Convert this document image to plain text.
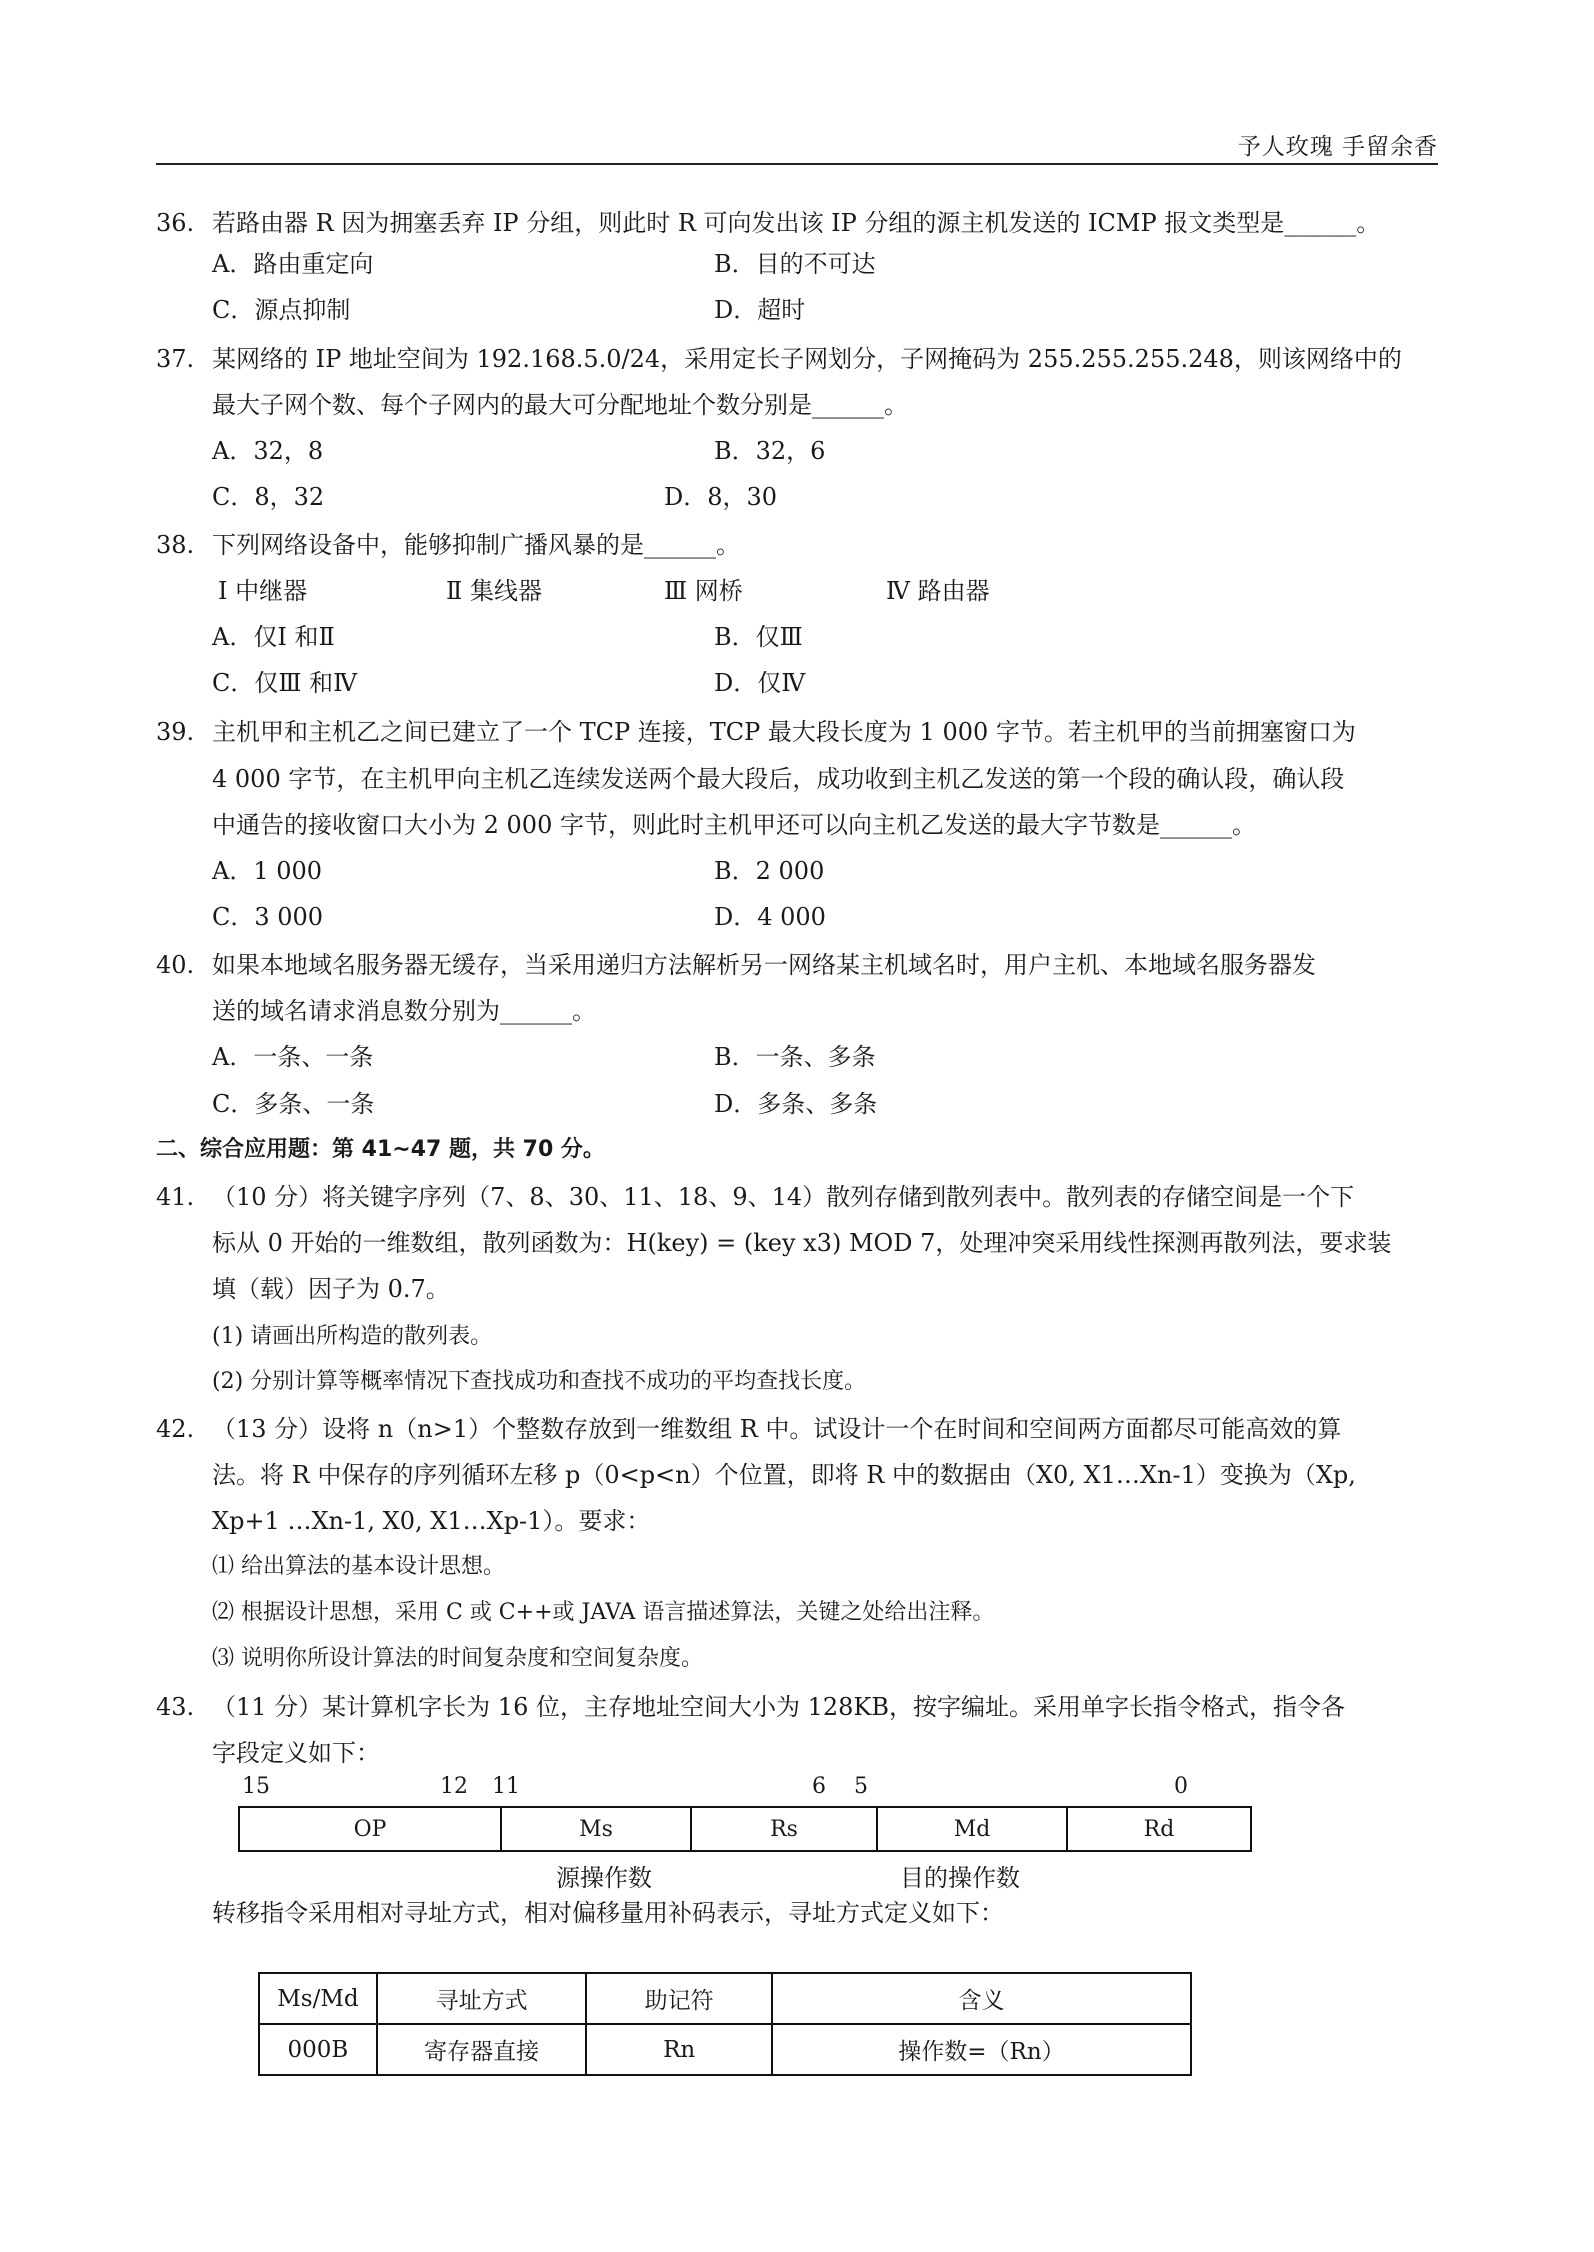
予人玫瑰 手留余香
36. 若路由器 R 因为拥塞丢弃 IP 分组，则此时 R 可向发出该 IP 分组的源主机发送的 ICMP 报文类型是______。
A．路由重定向	B．目的不可达
C．源点抑制	D．超时
37. 某网络的 IP 地址空间为 192.168.5.0/24，采用定长子网划分，子网掩码为 255.255.255.248，则该网络中的
最大子网个数、每个子网内的最大可分配地址个数分别是______。
A．32，8	B．32，6
C．8，32	D．8，30
38. 下列网络设备中，能够抑制广播风暴的是______。
Ⅰ 中继器	Ⅱ 集线器	Ⅲ 网桥	Ⅳ 路由器
A．仅Ⅰ 和Ⅱ	B．仅Ⅲ
C．仅Ⅲ 和Ⅳ	D．仅Ⅳ
39. 主机甲和主机乙之间已建立了一个 TCP 连接，TCP 最大段长度为 1 000 字节。若主机甲的当前拥塞窗口为
4 000 字节，在主机甲向主机乙连续发送两个最大段后，成功收到主机乙发送的第一个段的确认段，确认段
中通告的接收窗口大小为 2 000 字节，则此时主机甲还可以向主机乙发送的最大字节数是______。
A．1 000	B．2 000
C．3 000	D．4 000
40. 如果本地域名服务器无缓存，当采用递归方法解析另一网络某主机域名时，用户主机、本地域名服务器发
送的域名请求消息数分别为______。
A．一条、一条	B．一条、多条
C．多条、一条	D．多条、多条
二、综合应用题：第 41~47 题，共 70 分。
41. （10 分）将关键字序列（7、8、30、11、18、9、14）散列存储到散列表中。散列表的存储空间是一个下
标从 0 开始的一维数组，散列函数为：H(key) = (key x3) MOD 7，处理冲突采用线性探测再散列法，要求装
填（载）因子为 0.7。
(1) 请画出所构造的散列表。
(2) 分别计算等概率情况下查找成功和查找不成功的平均查找长度。
42. （13 分）设将 n（n>1）个整数存放到一维数组 R 中。试设计一个在时间和空间两方面都尽可能高效的算
法。将 R 中保存的序列循环左移 p（0<p<n）个位置，即将 R 中的数据由（X0, X1…Xn-1）变换为（Xp,
Xp+1 …Xn-1, X0, X1…Xp-1）。要求：
⑴ 给出算法的基本设计思想。
⑵ 根据设计思想，采用 C 或 C++或 JAVA 语言描述算法，关键之处给出注释。
⑶ 说明你所设计算法的时间复杂度和空间复杂度。
43. （11 分）某计算机字长为 16 位，主存地址空间大小为 128KB，按字编址。采用单字长指令格式，指令各
字段定义如下：
15	12 11	6 5	0
OP	Ms	Rs	Md	Rd
源操作数	目的操作数
转移指令采用相对寻址方式，相对偏移量用补码表示，寻址方式定义如下：
Ms/Md	寻址方式	助记符	含义
000B	寄存器直接	Rn	操作数=（Rn）
